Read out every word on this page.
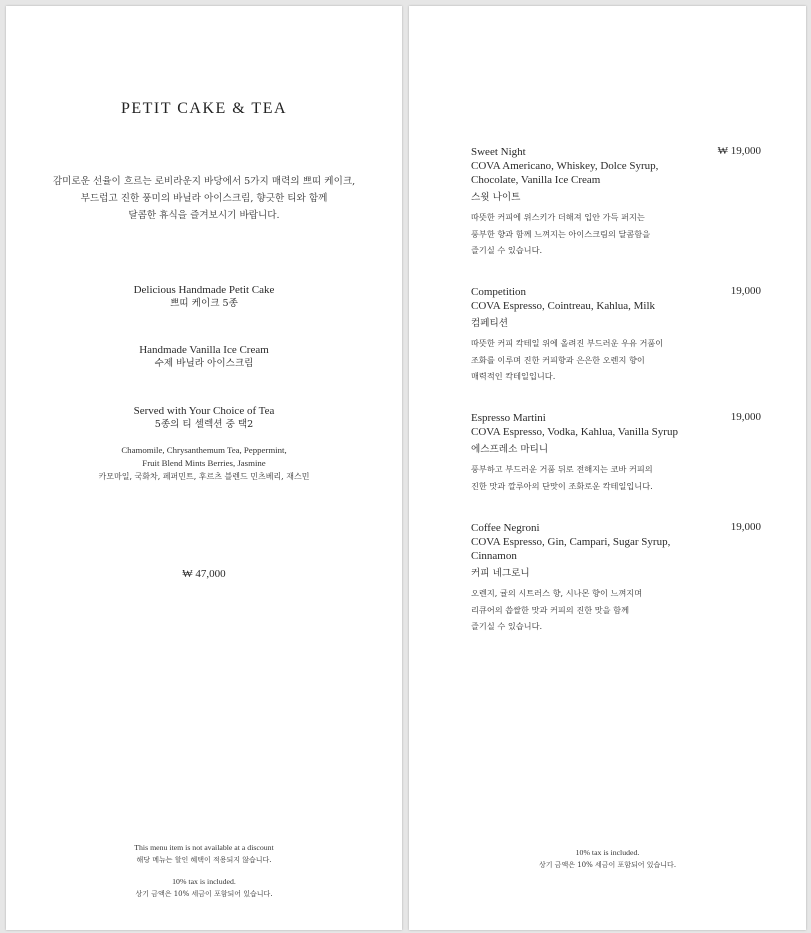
PETIT CAKE & TEA
감미로운 선율이 흐르는 로비라운지 바당에서 5가지 매력의 쁘띠 케이크,
부드럽고 진한 풍미의 바닐라 아이스크림, 향긋한 티와 함께
달콤한 휴식을 즐겨보시기 바랍니다.
Delicious Handmade Petit Cake
쁘띠 케이크 5종
Handmade Vanilla Ice Cream
수제 바닐라 아이스크림
Served with Your Choice of Tea
5종의 티 셀렉션 중 택2
Chamomile, Chrysanthemum Tea, Peppermint,
Fruit Blend Mints Berries, Jasmine
카모마일, 국화차, 페퍼민트, 후르츠 블렌드 민츠베리, 재스민
₩ 47,000
This menu item is not available at a discount
해당 메뉴는 할인 혜택이 적용되지 않습니다.
10% tax is included.
상기 금액은 10% 세금이 포함되어 있습니다.
₩ 19,000
Sweet Night
COVA Americano, Whiskey, Dolce Syrup, Chocolate, Vanilla Ice Cream
스윗 나이트
따뜻한 커피에 위스키가 더해져 입안 가득 퍼지는
풍부한 향과 함께 느껴지는 아이스크림의 달콤함을
즐기실 수 있습니다.
19,000
Competition
COVA Espresso, Cointreau, Kahlua, Milk
컴페티션
따뜻한 커피 칵테일 위에 올려진 부드러운 우유 거품이
조화를 이루며 진한 커피향과 은은한 오렌지 향이
매력적인 칵테일입니다.
19,000
Espresso Martini
COVA Espresso, Vodka, Kahlua, Vanilla Syrup
에스프레소 마티니
풍부하고 부드러운 거품 뒤로 전해지는 코바 커피의
진한 맛과 깔루아의 단맛이 조화로운 칵테일입니다.
19,000
Coffee Negroni
COVA Espresso, Gin, Campari, Sugar Syrup, Cinnamon
커피 네그로니
오렌지, 귤의 시트러스 향, 시나몬 향이 느껴지며
리큐어의 씁쌀한 맛과 커피의 진한 맛을 함께
즐기실 수 있습니다.
10% tax is included.
상기 금액은 10% 세금이 포함되어 있습니다.
